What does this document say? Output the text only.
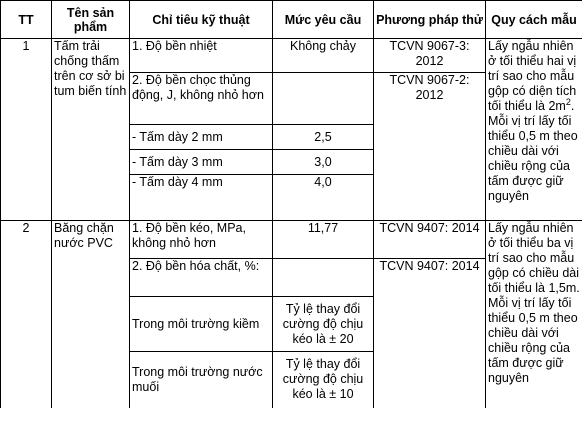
TT	Tên sản phẩm	Chỉ tiêu kỹ thuật	Mức yêu cầu	Phương pháp thử	Quy cách mẫu
1	Tấm trải chống thấm trên cơ sở bi tum biến tính	1. Độ bền nhiệt	Không chảy	TCVN 9067-3: 2012	Lấy ngẫu nhiên ở tối thiểu hai vị trí sao cho mẫu gộp có diện tích tối thiểu là $2m^2$. Mỗi vị trí lấy tối thiểu 0,5 m theo chiều dài với chiều rộng của tấm được giữ nguyên
		2. Độ bền chọc thủng động, J, không nhỏ hơn		TCVN 9067-2: 2012	
		- Tấm dày 2 mm	2,5		
		- Tấm dày 3 mm	3,0		
		- Tấm dày 4 mm	4,0		
2	Băng chặn nước PVC	1. Độ bền kéo, MPa, không nhỏ hơn	11,77	TCVN 9407: 2014	Lấy ngẫu nhiên ở tối thiểu ba vị trí sao cho mẫu gộp có chiều dài tối thiểu là 1,5m. Mỗi vị trí lấy tối thiểu 0,5 m theo chiều dài với chiều rộng của tấm được giữ nguyên
		2. Độ bền hóa chất, %:		TCVN 9407: 2014	
		Trong môi trường kiềm	Tỷ lệ thay đổi cường độ chịu kéo là ± 20		
		Trong môi trường nước muối	Tỷ lệ thay đổi cường độ chịu kéo là ± 10		
